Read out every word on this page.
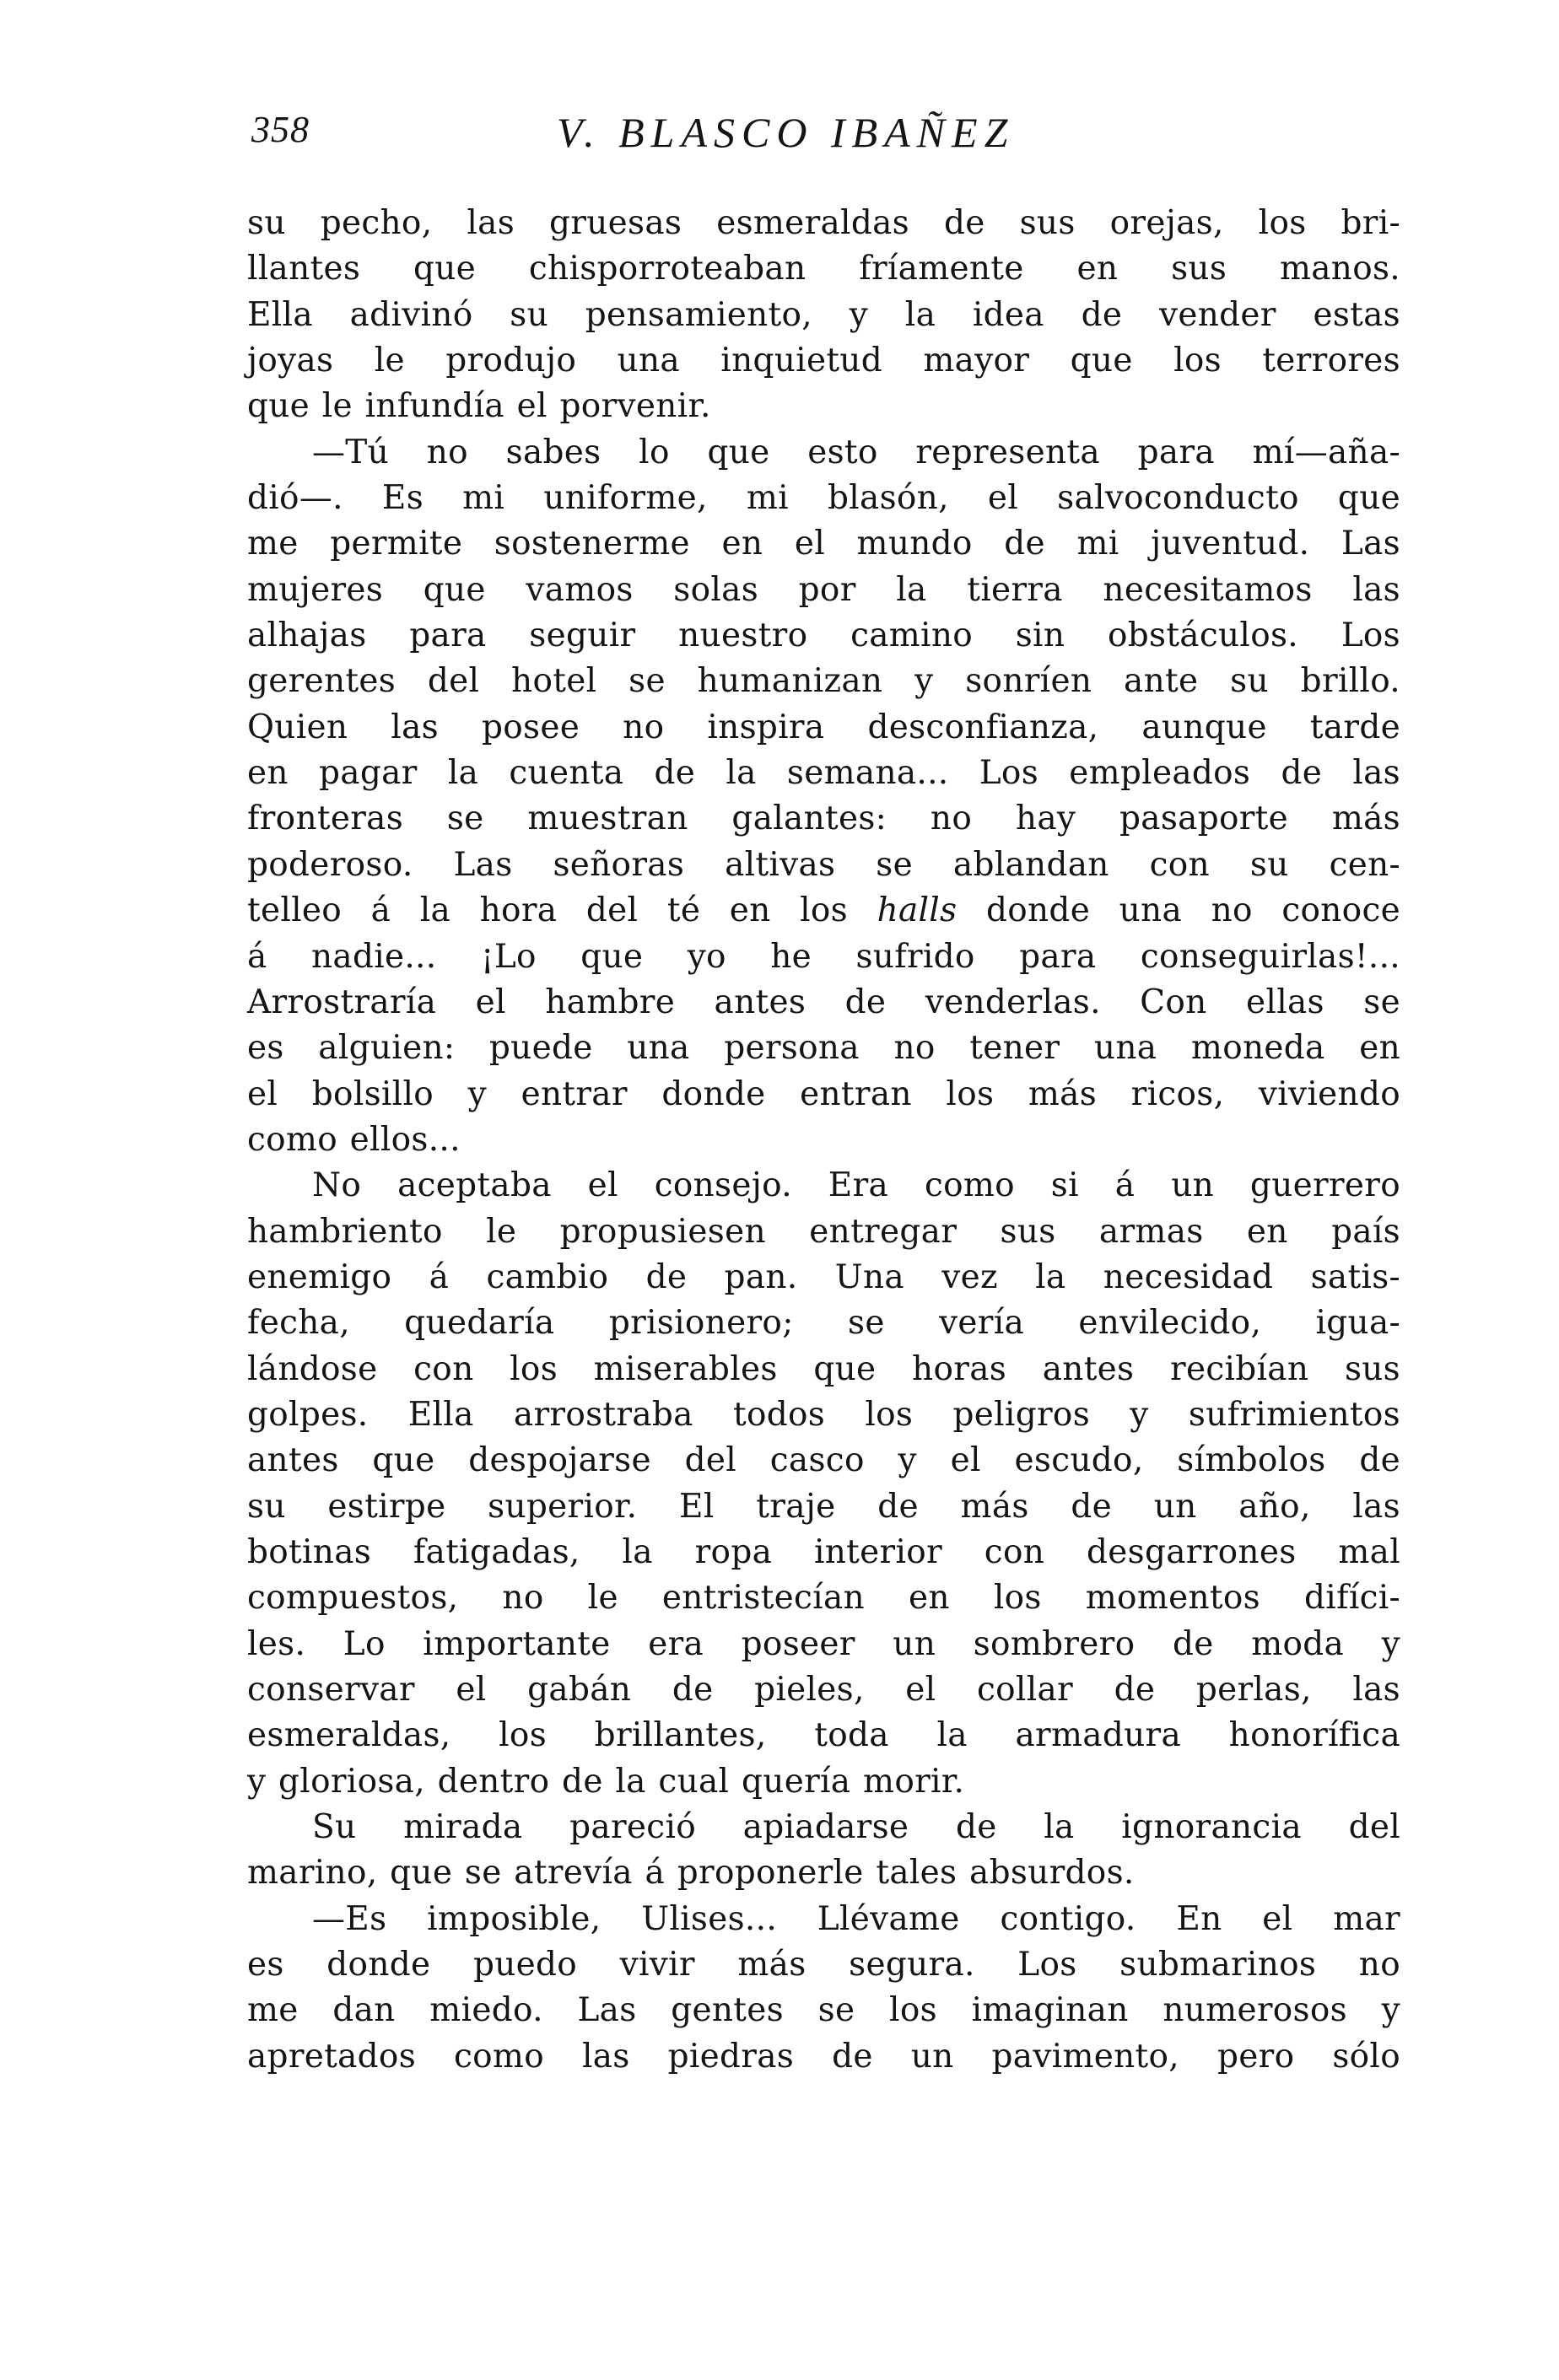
358	V. BLASCO IBAÑEZ
su pecho, las gruesas esmeraldas de sus orejas, los bri-
llantes que chisporroteaban fríamente en sus manos.
Ella adivinó su pensamiento, y la idea de vender estas
joyas le produjo una inquietud mayor que los terrores
que le infundía el porvenir.
—Tú no sabes lo que esto representa para mí—aña-
dió—. Es mi uniforme, mi blasón, el salvoconducto que
me permite sostenerme en el mundo de mi juventud. Las
mujeres que vamos solas por la tierra necesitamos las
alhajas para seguir nuestro camino sin obstáculos. Los
gerentes del hotel se humanizan y sonríen ante su brillo.
Quien las posee no inspira desconfianza, aunque tarde
en pagar la cuenta de la semana... Los empleados de las
fronteras se muestran galantes: no hay pasaporte más
poderoso. Las señoras altivas se ablandan con su cen-
telleo á la hora del té en los halls donde una no conoce
á nadie... ¡Lo que yo he sufrido para conseguirlas!...
Arrostraría el hambre antes de venderlas. Con ellas se
es alguien: puede una persona no tener una moneda en
el bolsillo y entrar donde entran los más ricos, viviendo
como ellos...
No aceptaba el consejo. Era como si á un guerrero
hambriento le propusiesen entregar sus armas en país
enemigo á cambio de pan. Una vez la necesidad satis-
fecha, quedaría prisionero; se vería envilecido, igua-
lándose con los miserables que horas antes recibían sus
golpes. Ella arrostraba todos los peligros y sufrimientos
antes que despojarse del casco y el escudo, símbolos de
su estirpe superior. El traje de más de un año, las
botinas fatigadas, la ropa interior con desgarrones mal
compuestos, no le entristecían en los momentos difíci-
les. Lo importante era poseer un sombrero de moda y
conservar el gabán de pieles, el collar de perlas, las
esmeraldas, los brillantes, toda la armadura honorífica
y gloriosa, dentro de la cual quería morir.
Su mirada pareció apiadarse de la ignorancia del
marino, que se atrevía á proponerle tales absurdos.
—Es imposible, Ulises... Llévame contigo. En el mar
es donde puedo vivir más segura. Los submarinos no
me dan miedo. Las gentes se los imaginan numerosos y
apretados como las piedras de un pavimento, pero sólo
